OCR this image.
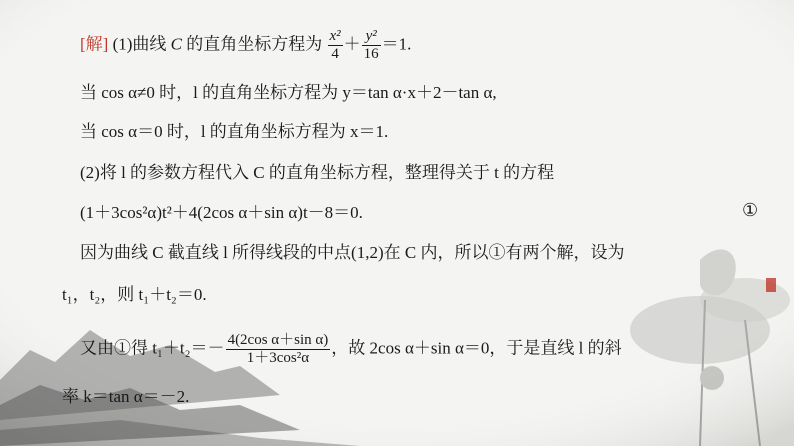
[解] (1)曲线 C 的直角坐标方程为 $\frac{\text{x²}}{4} + \frac{\text{y²}}{16} =1$.
当 cos α≠0 时，l 的直角坐标方程为 y＝tan α·x＋2－tan α,
当 cos α＝0 时，l 的直角坐标方程为 x＝1.
(2)将 l 的参数方程代入 C 的直角坐标方程，整理得关于 t 的方程
(1＋3cos²α)t²＋4(2cos α＋sin α)t－8＝0.	①
因为曲线 C 截直线 l 所得线段的中点(1,2)在 C 内，所以①有两个解，设为
t₁，t₂，则 t₁＋t₂＝0.
又由①得 $t_1+t_2=- \frac{\text{4(2cos α＋sin α)}}{\text{1＋3cos²α}}$ ，故 2cos α＋sin α＝0，于是直线 l 的斜
率 k＝tan α＝－2.
